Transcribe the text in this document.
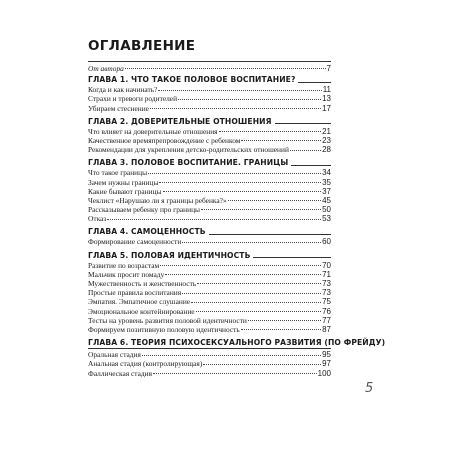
ОГЛАВЛЕНИЕ
От автора	7
ГЛАВА 1. ЧТО ТАКОЕ ПОЛОВОЕ ВОСПИТАНИЕ?
Когда и как начинать?	11
Страхи и тревоги родителей	13
Убираем стеснение	17
ГЛАВА 2. ДОВЕРИТЕЛЬНЫЕ ОТНОШЕНИЯ
Что влияет на доверительные отношения	21
Качественное времяпрепровождение с ребенком	23
Рекомендации для укрепления детско-родительских отношений	28
ГЛАВА 3. ПОЛОВОЕ ВОСПИТАНИЕ. ГРАНИЦЫ
Что такое границы	34
Зачем нужны границы	35
Какие бывают границы	37
Чеклист «Нарушаю ли я границы ребенка?»	45
Рассказываем ребенку про границы	50
Отказ	53
ГЛАВА 4. САМОЦЕННОСТЬ
Формирование самоценности	60
ГЛАВА 5. ПОЛОВАЯ ИДЕНТИЧНОСТЬ
Развитие по возрастам	70
Мальчик просит помаду	71
Мужественность и женственность	73
Простые правила воспитания	73
Эмпатия. Эмпатичное слушание	75
Эмоциональное контейнирование	76
Тесты на уровень развития половой идентичности	77
Формируем позитивную половую идентичность	87
ГЛАВА 6. ТЕОРИЯ ПСИХОСЕКСУАЛЬНОГО РАЗВИТИЯ (ПО ФРЕЙДУ)
Оральная стадия	95
Анальная стадия (контролирующая)	97
Фаллическая стадия	100
5
